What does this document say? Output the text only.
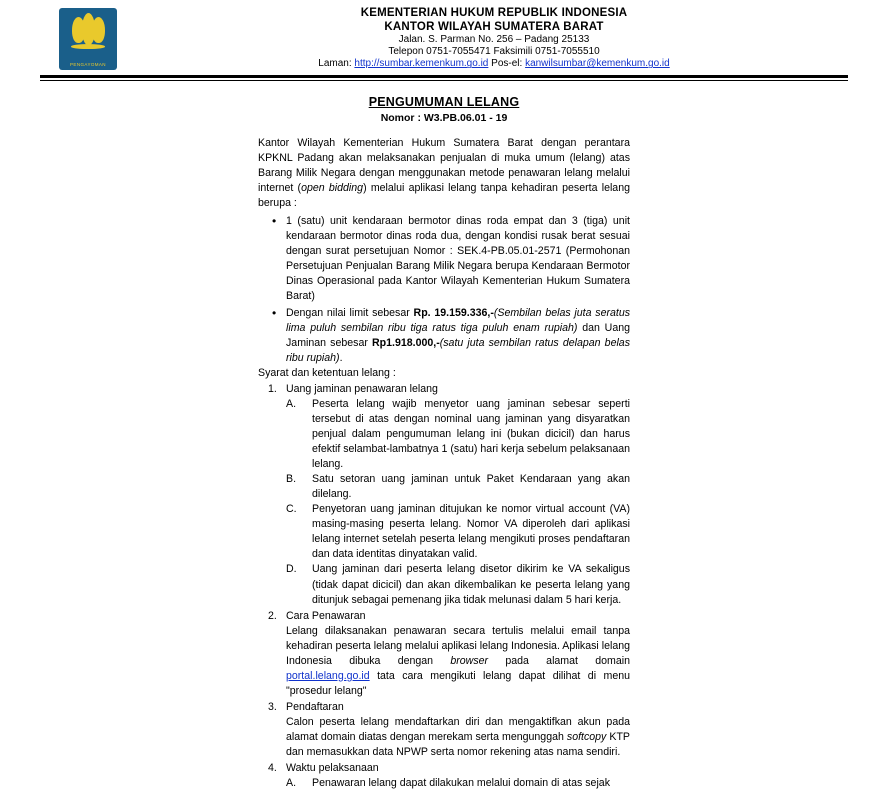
PENGAYOMAN
KEMENTERIAN HUKUM REPUBLIK INDONESIA
KANTOR WILAYAH SUMATERA BARAT
Jalan. S. Parman No. 256 – Padang 25133
Telepon 0751-7055471 Faksimili 0751-7055510
Laman: http://sumbar.kemenkum.go.id Pos-el: kanwilsumbar@kemenkum.go.id
PENGUMUMAN LELANG
Nomor : W3.PB.06.01 - 19
Kantor Wilayah Kementerian Hukum Sumatera Barat dengan perantara KPKNL Padang akan melaksanakan penjualan di muka umum (lelang) atas Barang Milik Negara dengan menggunakan metode penawaran lelang melalui internet (open bidding) melalui aplikasi lelang tanpa kehadiran peserta lelang berupa :
• 1 (satu) unit kendaraan bermotor dinas roda empat dan 3 (tiga) unit kendaraan bermotor dinas roda dua, dengan kondisi rusak berat sesuai dengan surat persetujuan Nomor : SEK.4-PB.05.01-2571 (Permohonan Persetujuan Penjualan Barang Milik Negara berupa Kendaraan Bermotor Dinas Operasional pada Kantor Wilayah Kementerian Hukum Sumatera Barat)
• Dengan nilai limit sebesar Rp. 19.159.336,-(Sembilan belas juta seratus lima puluh sembilan ribu tiga ratus tiga puluh enam rupiah) dan Uang Jaminan sebesar Rp1.918.000,-(satu juta sembilan ratus delapan belas ribu rupiah).
Syarat dan ketentuan lelang :
1. Uang jaminan penawaran lelang
A.	Peserta lelang wajib menyetor uang jaminan sebesar seperti tersebut di atas dengan nominal uang jaminan yang disyaratkan penjual dalam pengumuman lelang ini (bukan dicicil) dan harus efektif selambat-lambatnya 1 (satu) hari kerja sebelum pelaksanaan lelang.
B.	Satu setoran uang jaminan untuk Paket Kendaraan yang akan dilelang.
C.	Penyetoran uang jaminan ditujukan ke nomor virtual account (VA) masing-masing peserta lelang. Nomor VA diperoleh dari aplikasi lelang internet setelah peserta lelang mengikuti proses pendaftaran dan data identitas dinyatakan valid.
D.	Uang jaminan dari peserta lelang disetor dikirim ke VA sekaligus (tidak dapat dicicil) dan akan dikembalikan ke peserta lelang yang ditunjuk sebagai pemenang jika tidak melunasi dalam 5 hari kerja.
2. Cara Penawaran
Lelang dilaksanakan penawaran secara tertulis melalui email tanpa kehadiran peserta lelang melalui aplikasi lelang Indonesia. Aplikasi lelang Indonesia dibuka dengan browser pada alamat domain portal.lelang.go.id tata cara mengikuti lelang dapat dilihat di menu "prosedur lelang"
3. Pendaftaran
Calon peserta lelang mendaftarkan diri dan mengaktifkan akun pada alamat domain diatas dengan merekam serta mengunggah softcopy KTP dan memasukkan data NPWP serta nomor rekening atas nama sendiri.
4. Waktu pelaksanaan
A.	Penawaran lelang dapat dilakukan melalui domain di atas sejak
